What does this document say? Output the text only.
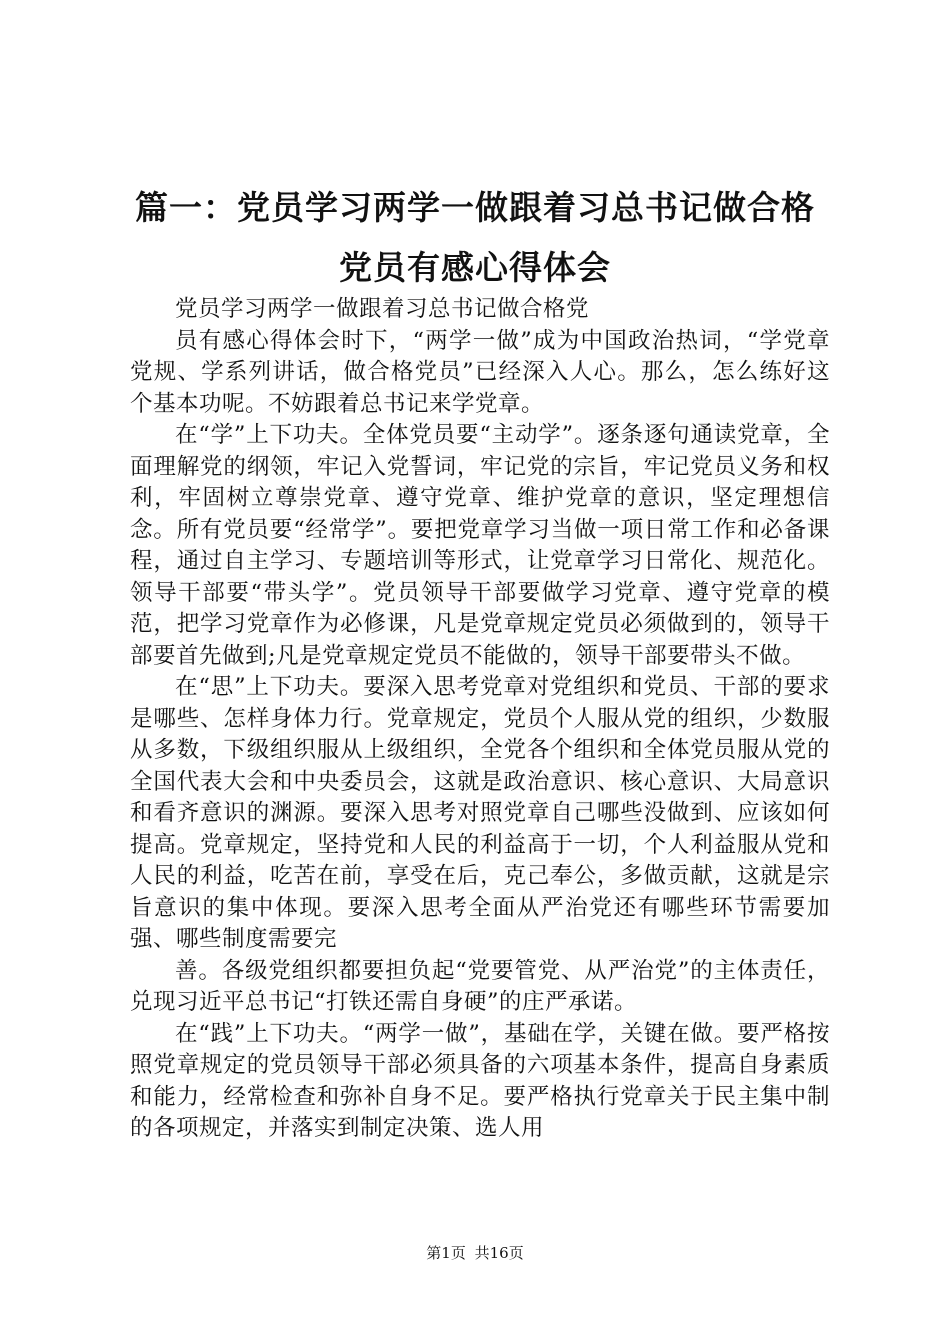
篇一：党员学习两学一做跟着习总书记做合格
党员有感心得体会

党员学习两学一做跟着习总书记做合格党

员有感心得体会时下，“两学一做”成为中国政治热词，“学党章党规、学系列讲话，做合格党员”已经深入人心。那么，怎么练好这个基本功呢。不妨跟着总书记来学党章。

在“学”上下功夫。全体党员要“主动学”。逐条逐句通读党章，全面理解党的纲领，牢记入党誓词，牢记党的宗旨，牢记党员义务和权利，牢固树立尊崇党章、遵守党章、维护党章的意识，坚定理想信念。所有党员要“经常学”。要把党章学习当做一项日常工作和必备课程，通过自主学习、专题培训等形式，让党章学习日常化、规范化。领导干部要“带头学”。党员领导干部要做学习党章、遵守党章的模范，把学习党章作为必修课，凡是党章规定党员必须做到的，领导干部要首先做到;凡是党章规定党员不能做的，领导干部要带头不做。

在“思”上下功夫。要深入思考党章对党组织和党员、干部的要求是哪些、怎样身体力行。党章规定，党员个人服从党的组织，少数服从多数，下级组织服从上级组织，全党各个组织和全体党员服从党的全国代表大会和中央委员会，这就是政治意识、核心意识、大局意识和看齐意识的渊源。要深入思考对照党章自己哪些没做到、应该如何提高。党章规定，坚持党和人民的利益高于一切，个人利益服从党和人民的利益，吃苦在前，享受在后，克己奉公，多做贡献，这就是宗旨意识的集中体现。要深入思考全面从严治党还有哪些环节需要加强、哪些制度需要完

善。各级党组织都要担负起“党要管党、从严治党”的主体责任，兑现习近平总书记“打铁还需自身硬”的庄严承诺。

在“践”上下功夫。“两学一做”，基础在学，关键在做。要严格按照党章规定的党员领导干部必须具备的六项基本条件，提高自身素质和能力，经常检查和弥补自身不足。要严格执行党章关于民主集中制的各项规定，并落实到制定决策、选人用

第1页 共16页
